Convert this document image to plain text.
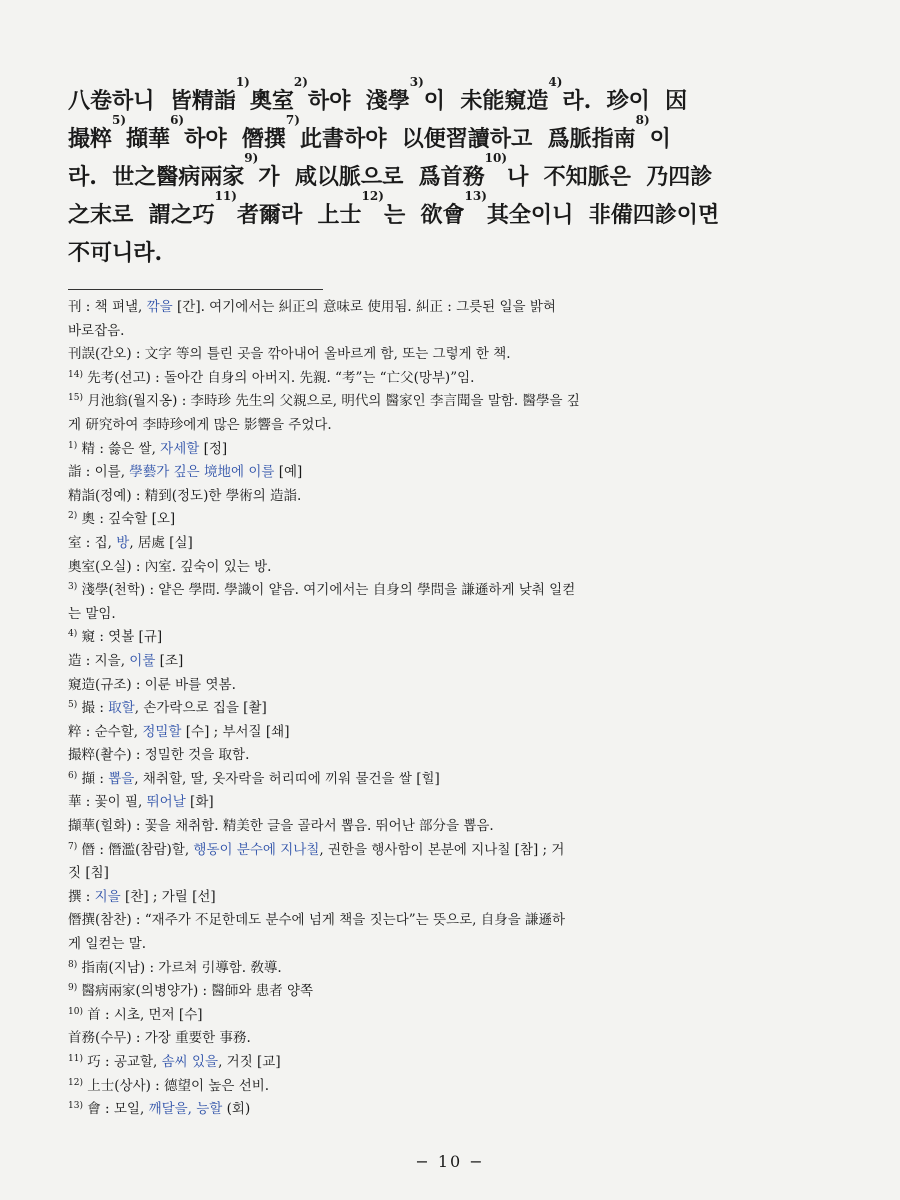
八卷하니  皆精詣
1)
奧室
2)
하야  淺學
3)
이  未能窺造
4)
라.  珍이  因
撮粹
5)
擷華
6)
하야  僭撰
7)
此書하야  以便習讀하고  爲脈指南
8)
이
라.  世之醫病兩家
9)
가  咸以脈으로  爲首務
10)
나  不知脈은  乃四診
之末로  謂之巧
11)
者爾라  上士
12)
는  欲會
13)
其全이니  非備四診이면
不可니라.
刊 : 책 펴낼, 깎을 [간]. 여기에서는 糾正의 意味로 使用됨. 糾正 : 그릇된 일을 밝혀
바로잡음.
刊誤(간오) : 文字 等의 틀린 곳을 깎아내어 올바르게 함, 또는 그렇게 한 책.
$^{14)}$ 先考(선고) : 돌아간 自身의 아버지. 先親. “考”는 “亡父(망부)”임.
$^{15)}$ 月池翁(월지옹) : 李時珍 先生의 父親으로, 明代의 醫家인 李言聞을 말함. 醫學을 깊
게 研究하여 李時珍에게 많은 影響을 주었다.
$^{1)}$ 精 : 쓿은 쌀, 자세할 [정]
詣 : 이를, 學藝가 깊은 境地에 이를 [예]
精詣(정예) : 精到(정도)한 學術의 造詣.
$^{2)}$ 奧 : 깊숙할 [오]
室 : 집, 방, 居處 [실]
奧室(오실) : 內室. 깊숙이 있는 방.
$^{3)}$ 淺學(천학) : 얕은 學問. 學識이 얕음. 여기에서는 自身의 學問을 謙遜하게 낮춰 일컫
는 말임.
$^{4)}$ 窺 : 엿볼 [규]
造 : 지을, 이룰 [조]
窺造(규조) : 이룬 바를 엿봄.
$^{5)}$ 撮 : 取할, 손가락으로 집을 [촬]
粹 : 순수할, 정밀할 [수] ; 부서질 [쇄]
撮粹(촬수) : 정밀한 것을 取함.
$^{6)}$ 擷 : 뽑을, 채취할, 딸, 옷자락을 허리띠에 끼워 물건을 쌀 [힐]
華 : 꽃이 필, 뛰어날 [화]
擷華(힐화) : 꽃을 채취함. 精美한 글을 골라서 뽑음. 뛰어난 部分을 뽑음.
$^{7)}$ 僭 : 僭濫(참람)할, 행동이 분수에 지나칠, 권한을 행사함이 본분에 지나칠 [참] ; 거
짓 [침]
撰 : 지을 [찬] ; 가릴 [선]
僭撰(참찬) : “재주가 不足한데도 분수에 넘게 책을 짓는다”는 뜻으로, 自身을 謙遜하
게 일컫는 말.
$^{8)}$ 指南(지남) : 가르쳐 引導함. 敎導.
$^{9)}$ 醫病兩家(의병양가) : 醫師와 患者 양쪽
$^{10)}$ 首 : 시초, 먼저 [수]
首務(수무) : 가장 重要한 事務.
$^{11)}$ 巧 : 공교할, 솜씨 있을, 거짓 [교]
$^{12)}$ 上士(상사) : 德望이 높은 선비.
$^{13)}$ 會 : 모일, 깨달을, 능할 (회)
− 10 −
